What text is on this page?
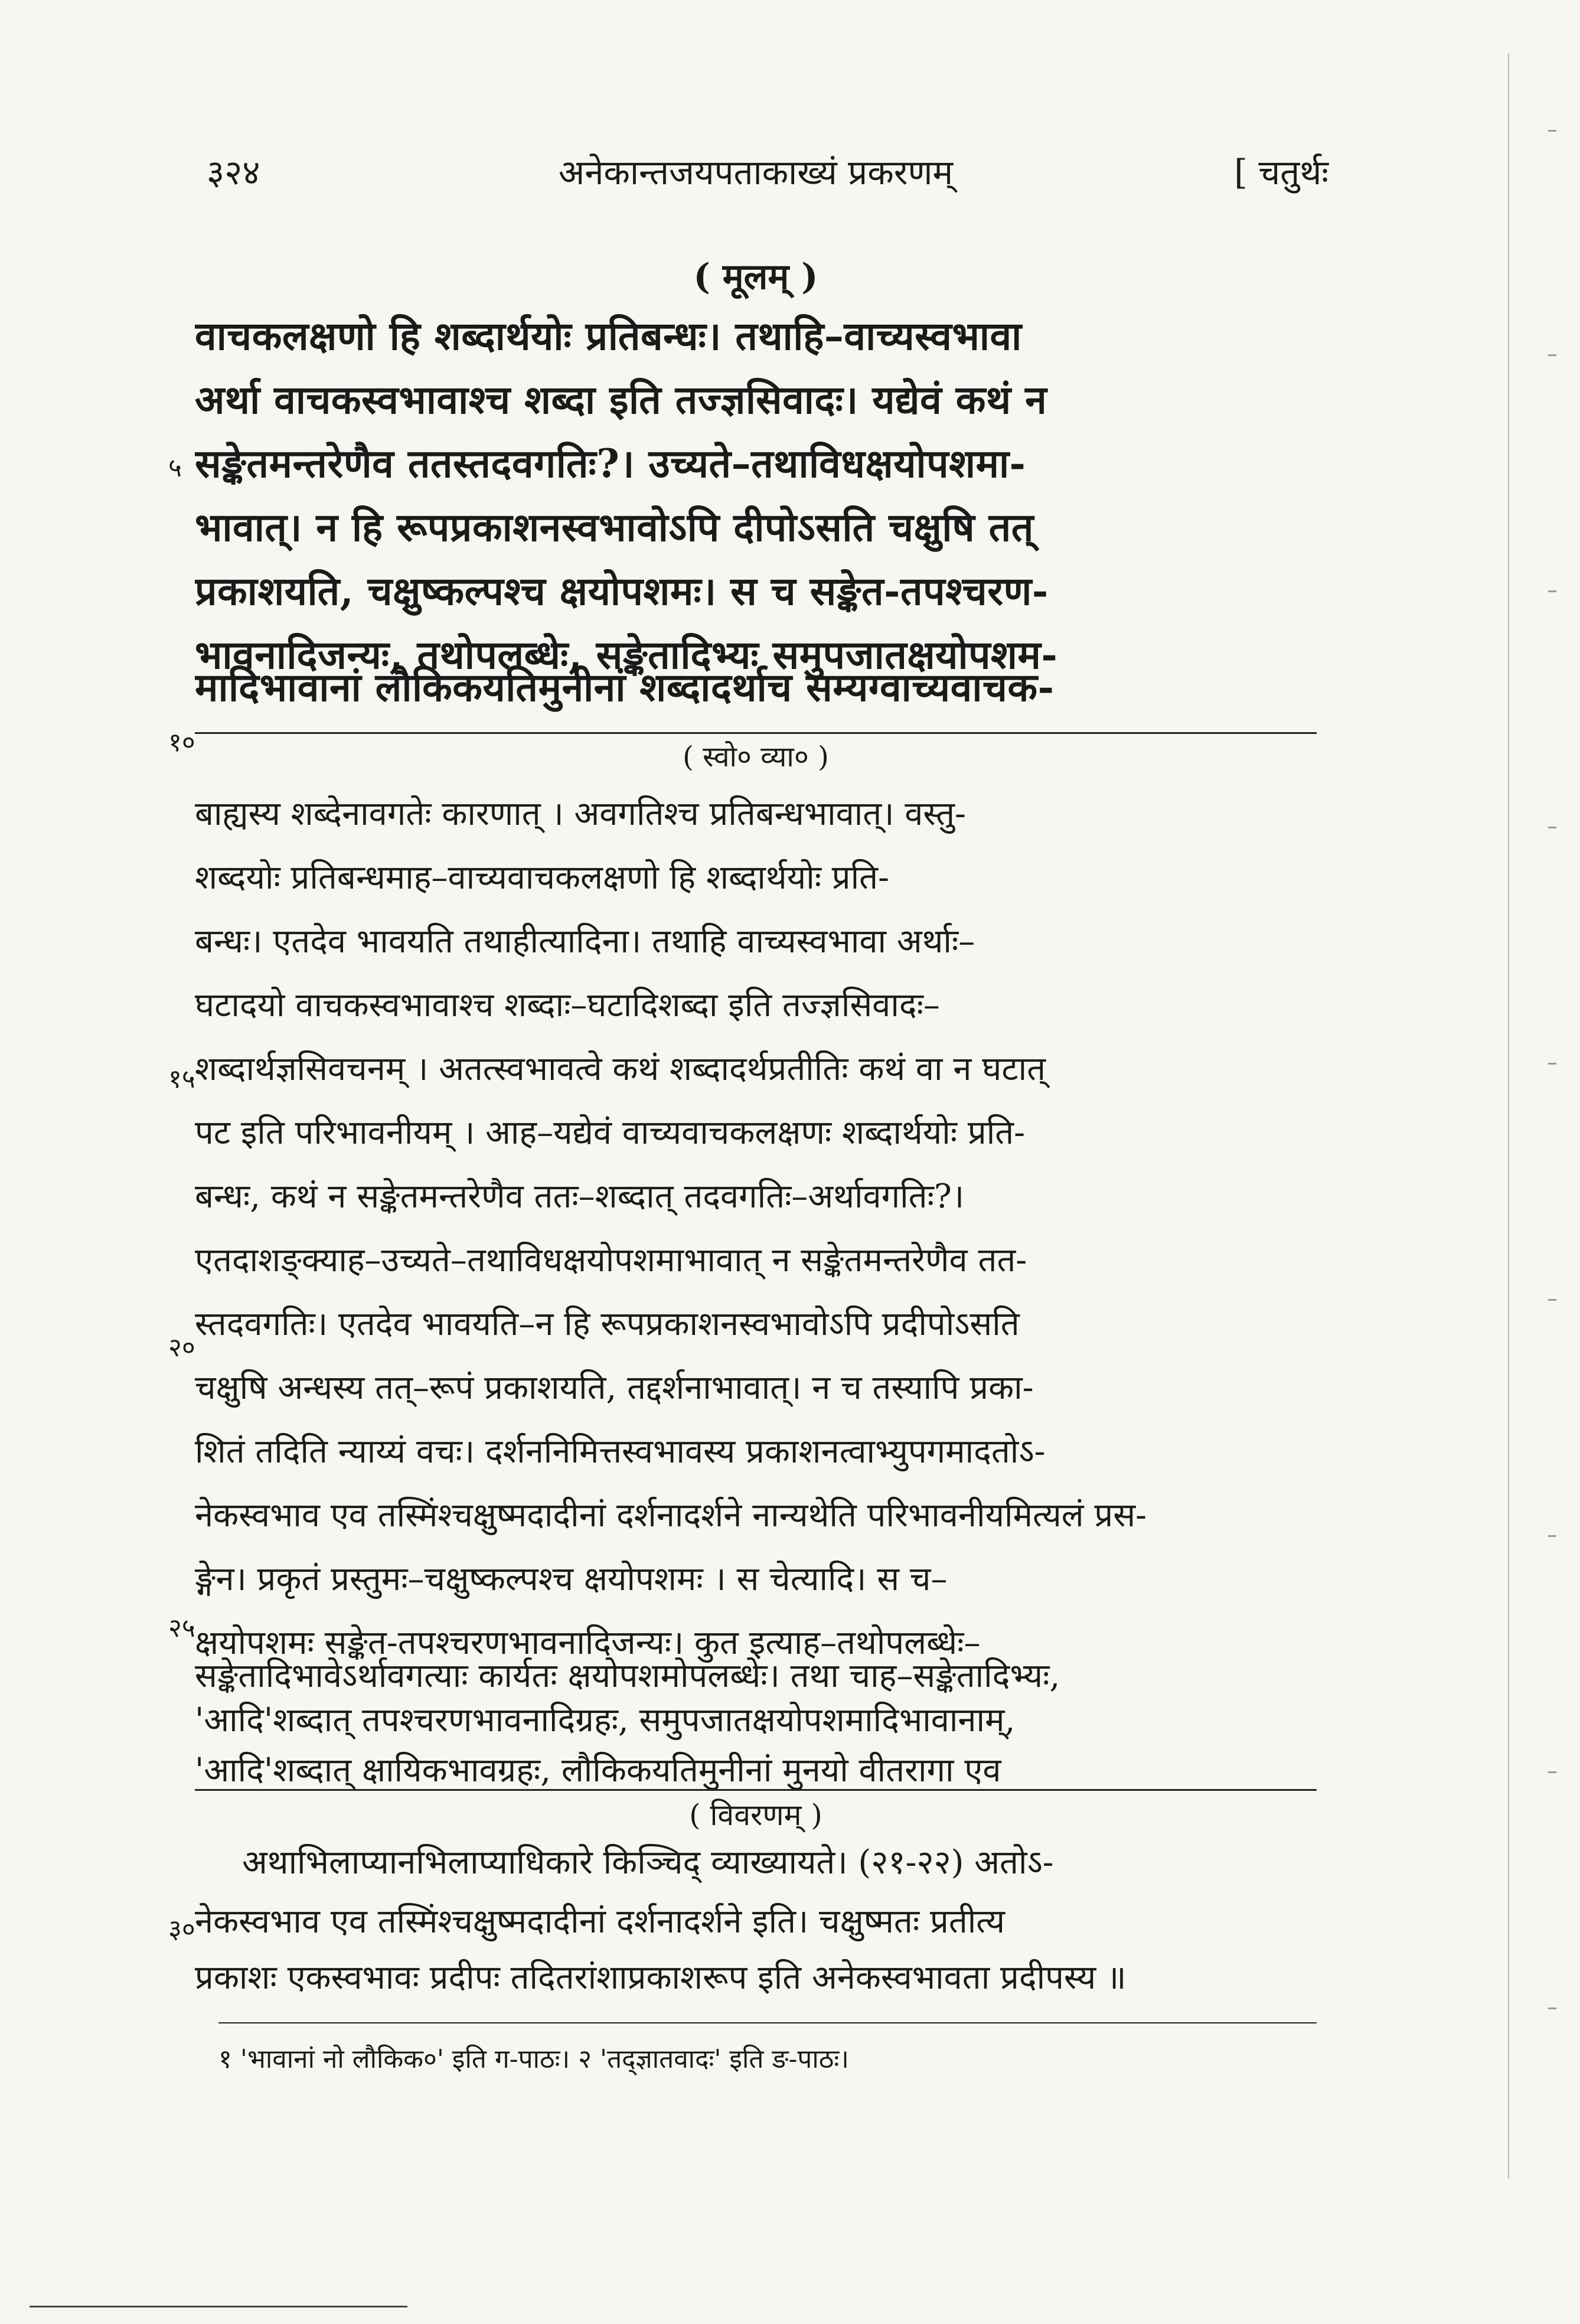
३२४	अनेकान्तजयपताकाख्यं प्रकरणम्	[ चतुर्थः
( मूलम् )
वाचकलक्षणो हि शब्दार्थयोः प्रतिबन्धः। तथाहि–वाच्यस्वभावा
अर्था वाचकस्वभावाश्च शब्दा इति तज्ज्ञसिवादः। यद्येवं कथं न
सङ्केतमन्तरेणैव ततस्तदवगतिः?। उच्यते–तथाविधक्षयोपशमा-
भावात्। न हि रूपप्रकाशनस्वभावोऽपि दीपोऽसति चक्षुषि तत्
प्रकाशयति, चक्षुष्कल्पश्च क्षयोपशमः। स च सङ्केत-तपश्चरण-
भावनादिजन्यः, तथोपलब्धेः, सङ्केतादिभ्यः समुपजातक्षयोपशम-
मादिभावानां लौकिकयतिमुनीनां शब्दादर्थाच सम्यग्वाच्यवाचक-
५
१०	( स्वो० व्या० )
बाह्यस्य शब्देनावगतेः कारणात् । अवगतिश्च प्रतिबन्धभावात्। वस्तु-
शब्दयोः प्रतिबन्धमाह–वाच्यवाचकलक्षणो हि शब्दार्थयोः प्रति-
बन्धः। एतदेव भावयति तथाहीत्यादिना। तथाहि वाच्यस्वभावा अर्थाः–
घटादयो वाचकस्वभावाश्च शब्दाः–घटादिशब्दा इति तज्ज्ञसिवादः–
शब्दार्थज्ञसिवचनम् । अतत्स्वभावत्वे कथं शब्दादर्थप्रतीतिः कथं वा न घटात्
पट इति परिभावनीयम् । आह–यद्येवं वाच्यवाचकलक्षणः शब्दार्थयोः प्रति-
बन्धः, कथं न सङ्केतमन्तरेणैव ततः–शब्दात् तदवगतिः–अर्थावगतिः?।
एतदाशङ्क्याह–उच्यते–तथाविधक्षयोपशमाभावात् न सङ्केतमन्तरेणैव तत-
स्तदवगतिः। एतदेव भावयति–न हि रूपप्रकाशनस्वभावोऽपि प्रदीपोऽसति
चक्षुषि अन्धस्य तत्–रूपं प्रकाशयति, तद्दर्शनाभावात्। न च तस्यापि प्रका-
शितं तदिति न्याय्यं वचः। दर्शननिमित्तस्वभावस्य प्रकाशनत्वाभ्युपगमादतोऽ-
नेकस्वभाव एव तस्मिंश्चक्षुष्मदादीनां दर्शनादर्शने नान्यथेति परिभावनीयमित्यलं प्रस-
ङ्गेन। प्रकृतं प्रस्तुमः–चक्षुष्कल्पश्च क्षयोपशमः । स चेत्यादि। स च–
क्षयोपशमः सङ्केत-तपश्चरणभावनादिजन्यः। कुत इत्याह–तथोपलब्धेः–
सङ्केतादिभावेऽर्थावगत्याः कार्यतः क्षयोपशमोपलब्धेः। तथा चाह–सङ्केतादिभ्यः,
'आदि'शब्दात् तपश्चरणभावनादिग्रहः, समुपजातक्षयोपशमादिभावानाम्,
'आदि'शब्दात् क्षायिकभावग्रहः, लौकिकयतिमुनीनां मुनयो वीतरागा एव
१५
२०
२५
( विवरणम् )
अथाभिलाप्यानभिलाप्याधिकारे किञ्चिद् व्याख्यायते। (२१-२२) अतोऽ-
नेकस्वभाव एव तस्मिंश्चक्षुष्मदादीनां दर्शनादर्शने इति। चक्षुष्मतः प्रतीत्य
प्रकाशः एकस्वभावः प्रदीपः तदितरांशाप्रकाशरूप इति अनेकस्वभावता प्रदीपस्य ॥
३०
१ 'भावानां नो लौकिक०' इति ग-पाठः। २ 'तद्ज्ञातवादः' इति ङ-पाठः।
